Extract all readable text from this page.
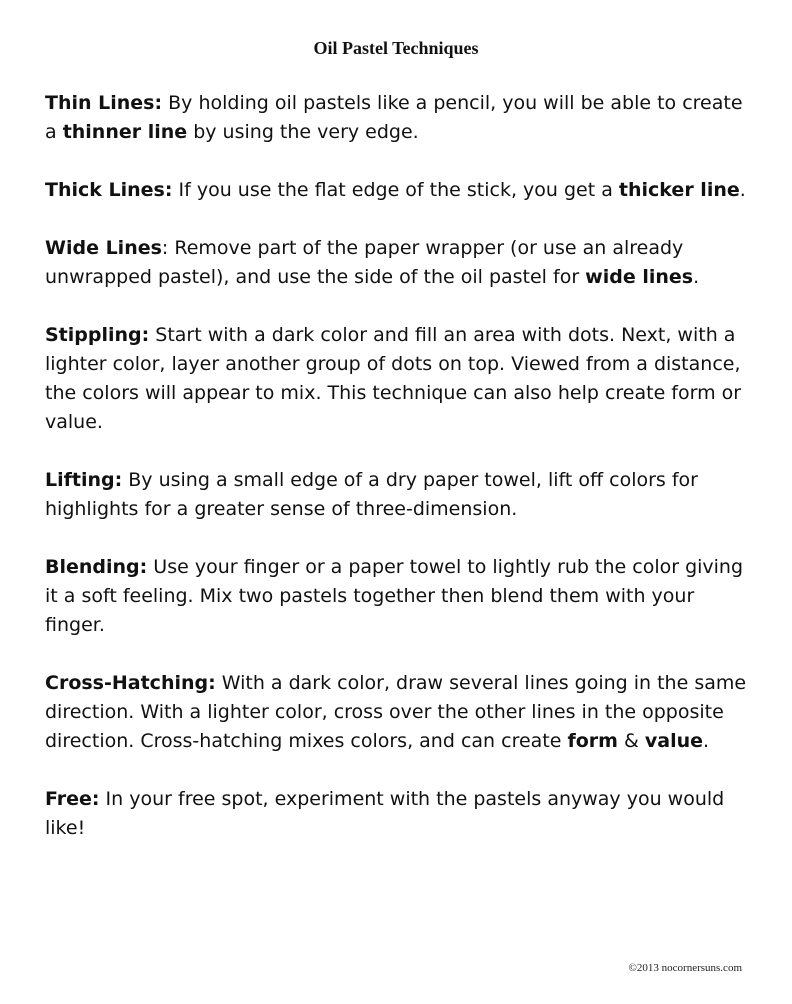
Oil Pastel Techniques

Thin Lines: By holding oil pastels like a pencil, you will be able to create a thinner line by using the very edge.

Thick Lines: If you use the flat edge of the stick, you get a thicker line.

Wide Lines: Remove part of the paper wrapper (or use an already unwrapped pastel), and use the side of the oil pastel for wide lines.

Stippling: Start with a dark color and fill an area with dots. Next, with a lighter color, layer another group of dots on top. Viewed from a distance, the colors will appear to mix. This technique can also help create form or value.

Lifting: By using a small edge of a dry paper towel, lift off colors for highlights for a greater sense of three-dimension.

Blending: Use your finger or a paper towel to lightly rub the color giving it a soft feeling. Mix two pastels together then blend them with your finger.

Cross-Hatching: With a dark color, draw several lines going in the same direction. With a lighter color, cross over the other lines in the opposite direction. Cross-hatching mixes colors, and can create form & value.

Free: In your free spot, experiment with the pastels anyway you would like!

©2013 nocornersuns.com
